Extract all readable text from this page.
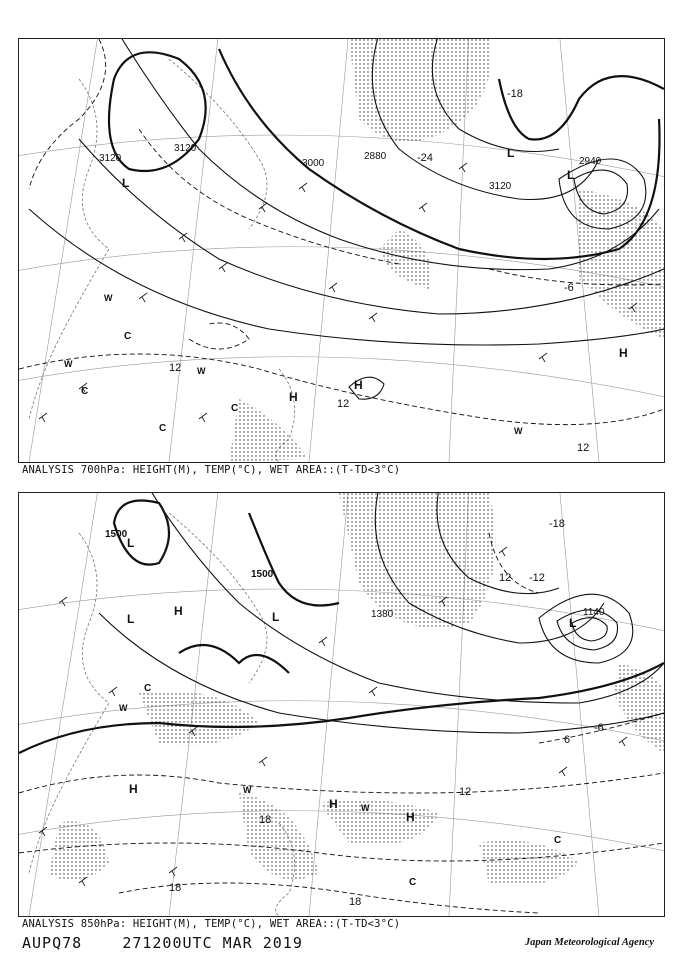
3120
3120
3000
2880
3120
2940
12
12
12
-6
-18
-24
L
L
L
H
H
H
W
W
W
W
C
C
C
C
ANALYSIS 700hPa: HEIGHT(M), TEMP(°C), WET AREA::(T-TD<3°C)
1500
1500
1380	1140
18
18
18
12
12
6
-6
-12
-18
L
L
L	L
H
H
H
H
W
W
W
C
C
C
ANALYSIS 850hPa: HEIGHT(M), TEMP(°C), WET AREA::(T-TD<3°C)
AUPQ78	271200UTC MAR 2019	Japan Meteorological Agency
